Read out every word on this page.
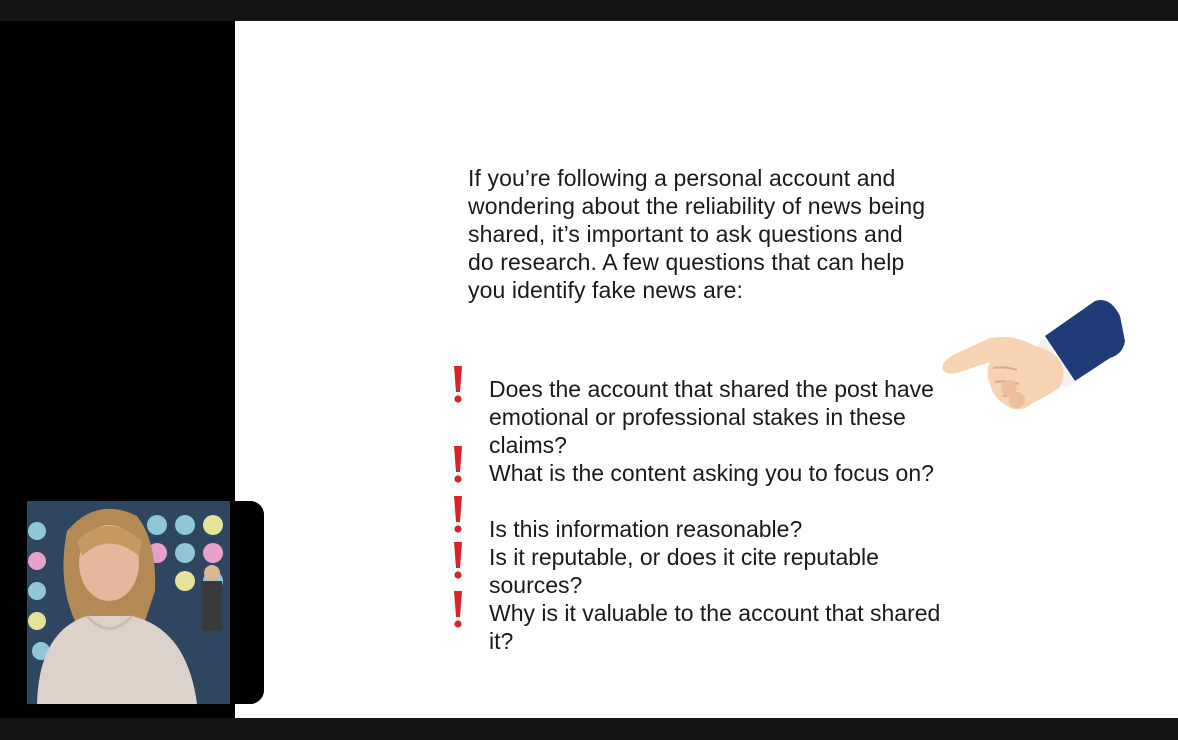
If you’re following a personal account and wondering about the reliability of news being shared, it’s important to ask questions and do research. A few questions that can help you identify fake news are:
Does the account that shared the post have emotional or professional stakes in these claims?
What is the content asking you to focus on?
Is this information reasonable?
Is it reputable, or does it cite reputable sources?
Why is it valuable to the account that shared it?
